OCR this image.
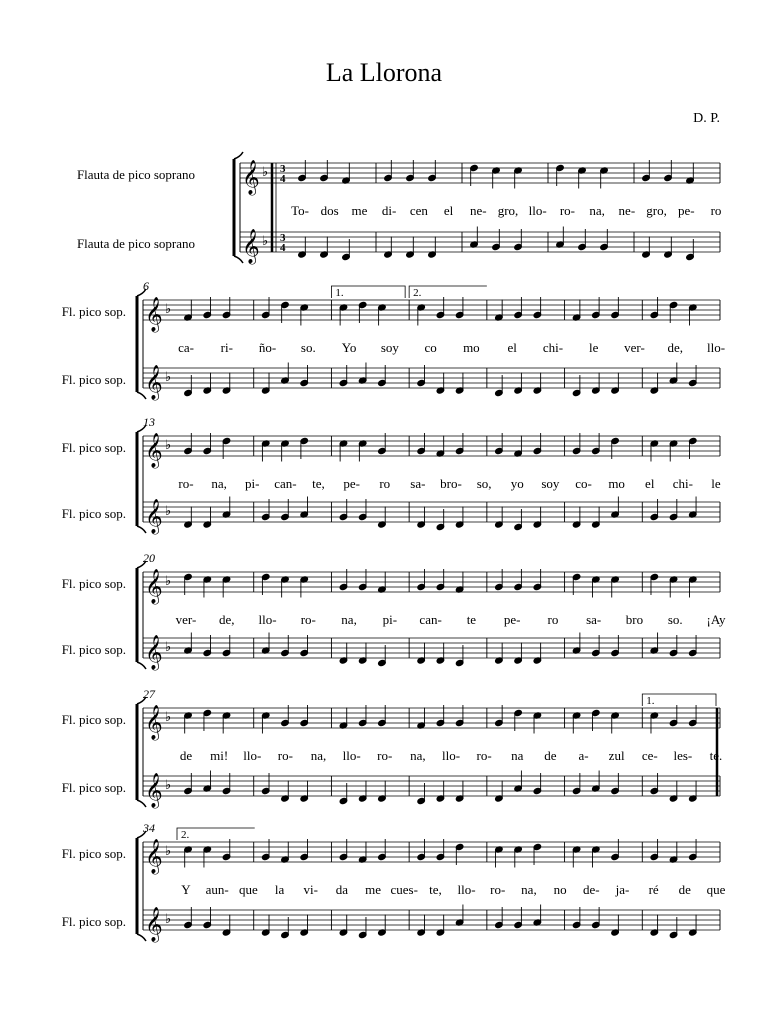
La Llorona
D. P.
Flauta de pico soprano
Flauta de pico soprano
𝄞 ♭
𝄞 ♭
3
4
3
4
To- dos me di- cen el ne- gro, llo- ro- na, ne- gro, pe- ro
Fl. pico sop.
Fl. pico sop.
6
𝄞 ♭
𝄞 ♭
1.	2.
ca- ri- ño- so. Yo soy co mo el chi- le ver- de, llo-
Fl. pico sop.
Fl. pico sop.
13
𝄞 ♭
𝄞 ♭
ro- na, pi- can- te, pe- ro sa- bro- so, yo soy co- mo el chi- le
Fl. pico sop.
Fl. pico sop.
20
𝄞 ♭
𝄞 ♭
ver- de, llo- ro- na, pi- can- te pe- ro sa- bro so. ¡Ay
Fl. pico sop.
Fl. pico sop.
27
𝄞 ♭
𝄞 ♭
1.
de mi! llo- ro- na, llo- ro- na, llo- ro- na de a- zul ce- les- te.
Fl. pico sop.
Fl. pico sop.
34
𝄞 ♭
𝄞 ♭
2.
Y aun- que la vi- da me cues- te, llo- ro- na, no de- ja- ré de que
